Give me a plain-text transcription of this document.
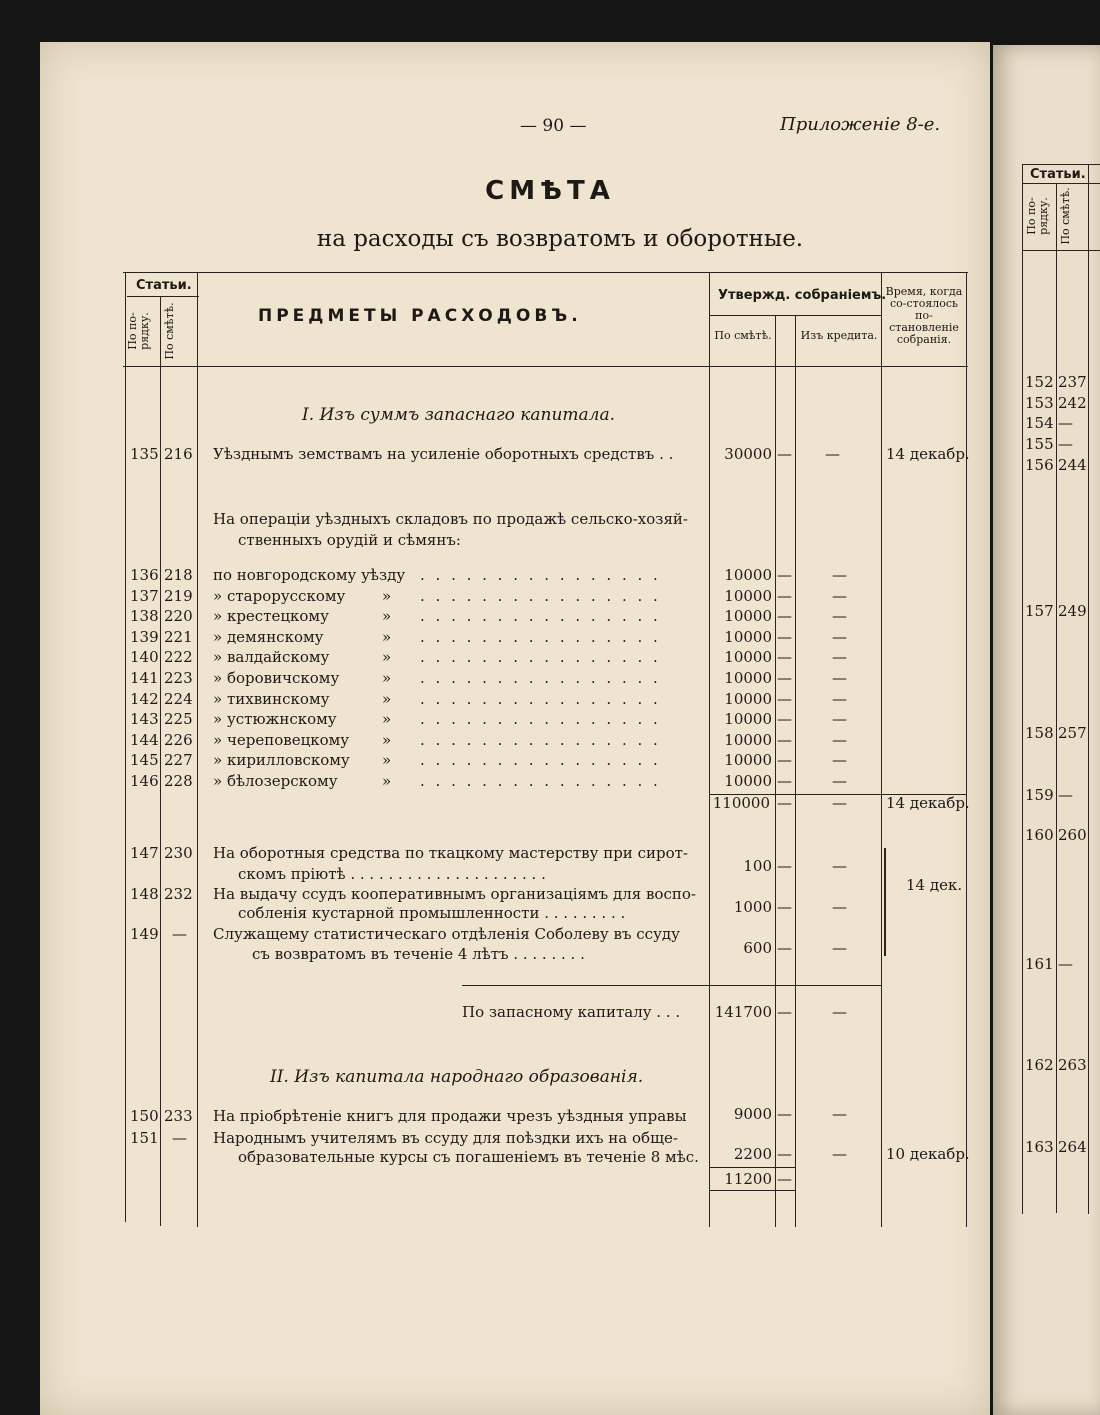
— 90 —	Приложенiе 8-е.
СМѢТА
на расходы съ возвратомъ и оборотные.
Статьи.
По по-рядку. По смѣтѣ.	ПРЕДМЕТЫ РАСХОДОВЪ.
Утвержд. собранiемъ.
По смѣтѣ.	Изъ кредита.
Время, когда со-стоялось по-становленiе собранiя.
I. Изъ суммъ запаснаго капитала.
135 216 Уѣзднымъ земствамъ на усиленiе оборотныхъ средствъ . .	30000 — —	14 декабр.
На операцiи уѣздныхъ складовъ по продажѣ сельско-хозяй-
ственныхъ орудiй и сѣмянъ:
136 218 по новгородскому уѣзду . . . . . . . . . . . . . . . .	10000 —	—
137 219 » старорусскому » . . . . . . . . . . . . . . . .	10000 —	—
138 220 » крестецкому	» . . . . . . . . . . . . . . . .	10000 —	—
139 221 » демянскому	» . . . . . . . . . . . . . . . .	10000 —	—
140 222 » валдайскому	» . . . . . . . . . . . . . . . .	10000 —	—
141 223 » боровичскому	» . . . . . . . . . . . . . . . .	10000 —	—
142 224 » тихвинскому	» . . . . . . . . . . . . . . . .	10000 —	—
143 225 » устюжнскому	» . . . . . . . . . . . . . . . .	10000 —	—
144 226 » череповецкому » . . . . . . . . . . . . . . . .	10000 —	—
145 227 » кирилловскому » . . . . . . . . . . . . . . . .	10000 —	—
146 228 » бѣлозерскому	» . . . . . . . . . . . . . . . .	10000 —	—
110000 —	—	14 декабр.
147 230 На оборотныя средства по ткацкому мастерству при сирот-
скомъ прiютѣ . . . . . . . . . . . . . . . . . . . . .	100 —	—
148 232 На выдачу ссудъ кооперативнымъ организацiямъ для воспо-
собленiя кустарной промышленности . . . . . . . . .	1000 —	—
149 — Служащему статистическаго отдѣленiя Соболеву въ ссуду
съ возвратомъ въ теченiе 4 лѣтъ . . . . . . . .	600 —	—
14 дек.
По запасному капиталу . . . 141700 —	—
II. Изъ капитала народнаго образованiя.
150 233 На прiобрѣтенiе книгъ для продажи чрезъ уѣздныя управы	9000 —	—
151 — Народнымъ учителямъ въ ссуду для поѣздки ихъ на обще-
образовательные курсы съ погашенiемъ въ теченiе 8 мѣс.	2200 —	—	10 декабр.
11200 —
Статьи.
По по-рядку. По смѣтѣ.
152 237
153 242
154 —
155 —
156 244
157 249
158 257
159 —
160 260
161 —
162 263
163 264
